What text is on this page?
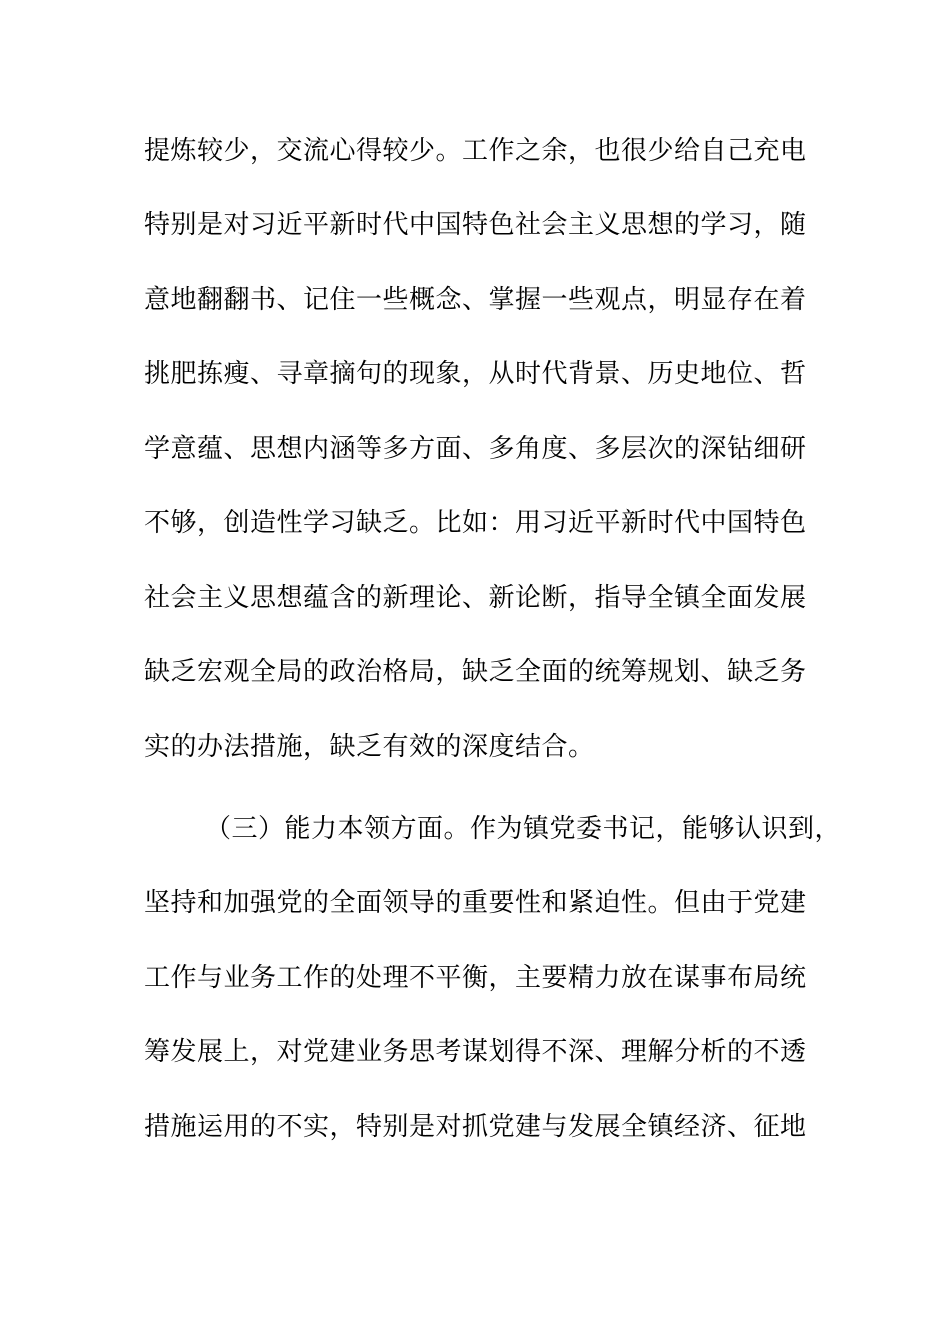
提炼较少，交流心得较少。工作之余，也很少给自己充电
特别是对习近平新时代中国特色社会主义思想的学习，随
意地翻翻书、记住一些概念、掌握一些观点，明显存在着
挑肥拣瘦、寻章摘句的现象，从时代背景、历史地位、哲
学意蕴、思想内涵等多方面、多角度、多层次的深钻细研
不够，创造性学习缺乏。比如：用习近平新时代中国特色
社会主义思想蕴含的新理论、新论断，指导全镇全面发展
缺乏宏观全局的政治格局，缺乏全面的统筹规划、缺乏务
实的办法措施，缺乏有效的深度结合。
（三）能力本领方面。作为镇党委书记，能够认识到，
坚持和加强党的全面领导的重要性和紧迫性。但由于党建
工作与业务工作的处理不平衡，主要精力放在谋事布局统
筹发展上，对党建业务思考谋划得不深、理解分析的不透
措施运用的不实，特别是对抓党建与发展全镇经济、征地
